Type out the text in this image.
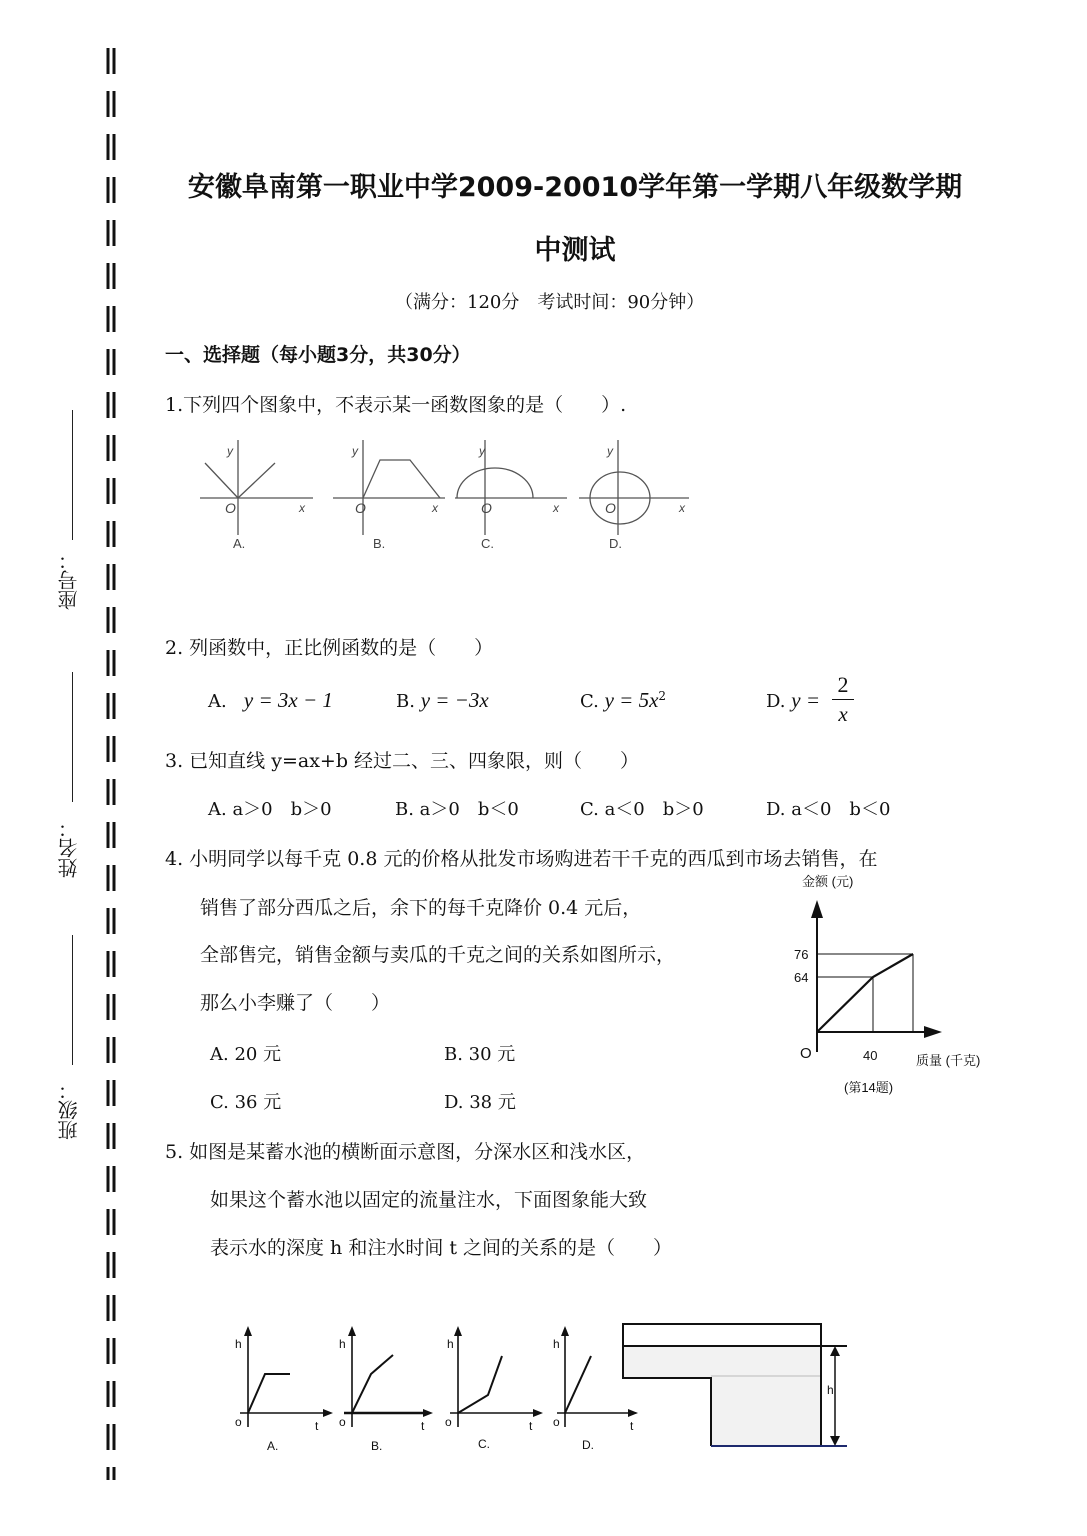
座号：
姓名：
班级：
安徽阜南第一职业中学2009-20010学年第一学期八年级数学期
中测试
（满分：120分　考试时间：90分钟）
一、选择题（每小题3分，共30分）
1.下列四个图象中，不表示某一函数图象的是（　　）.
y
x
y
x
y
x
y
x
O	O	O	O
A.	B.	C.	D.
2. 列函数中，正比例函数的是（　　）
A. y = 3x − 1	B. y = −3x	C. $y = 5x^2$	D. y =
2
x
3. 已知直线 y=ax+b 经过二、三、四象限，则（　　）
A. a＞0　b＞0	B. a＞0　b＜0	C. a＜0　b＞0	D. a＜0　b＜0
4. 小明同学以每千克 0.8 元的价格从批发市场购进若干千克的西瓜到市场去销售，在
销售了部分西瓜之后，余下的每千克降价 0.4 元后，
全部售完，销售金额与卖瓜的千克之间的关系如图所示，
那么小李赚了（　　）
A. 20 元	B. 30 元
C. 36 元	D. 38 元
金额 (元)
76
64
40
O	质量 (千克)
(第14题)
5. 如图是某蓄水池的横断面示意图，分深水区和浅水区，
如果这个蓄水池以固定的流量注水，下面图象能大致
表示水的深度 h 和注水时间 t 之间的关系的是（　　）
h
t
o
h
t
o
h
t
o
h
t
o
A.	B.	C.	D.
h
